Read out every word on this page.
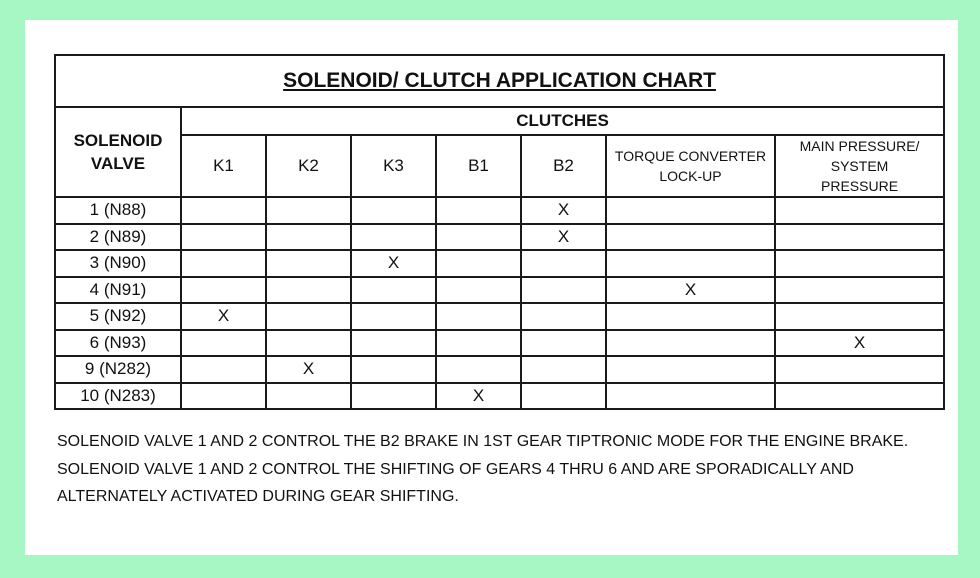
SOLENOID/ CLUTCH APPLICATION CHART							
SOLENOID
VALVE	CLUTCHES						
	K1	K2	K3	B1	B2	TORQUE CONVERTER
LOCK-UP	MAIN PRESSURE/ SYSTEM
PRESSURE
1 (N88)					X		
2 (N89)					X		
3 (N90)			X				
4 (N91)						X	
5 (N92)	X						
6 (N93)							X
9 (N282)		X					
10 (N283)				X			
SOLENOID VALVE 1 AND 2 CONTROL THE B2 BRAKE IN 1ST GEAR TIPTRONIC MODE FOR THE ENGINE BRAKE.
SOLENOID VALVE 1 AND 2 CONTROL THE SHIFTING OF GEARS 4 THRU 6 AND ARE SPORADICALLY AND
ALTERNATELY ACTIVATED DURING GEAR SHIFTING.
